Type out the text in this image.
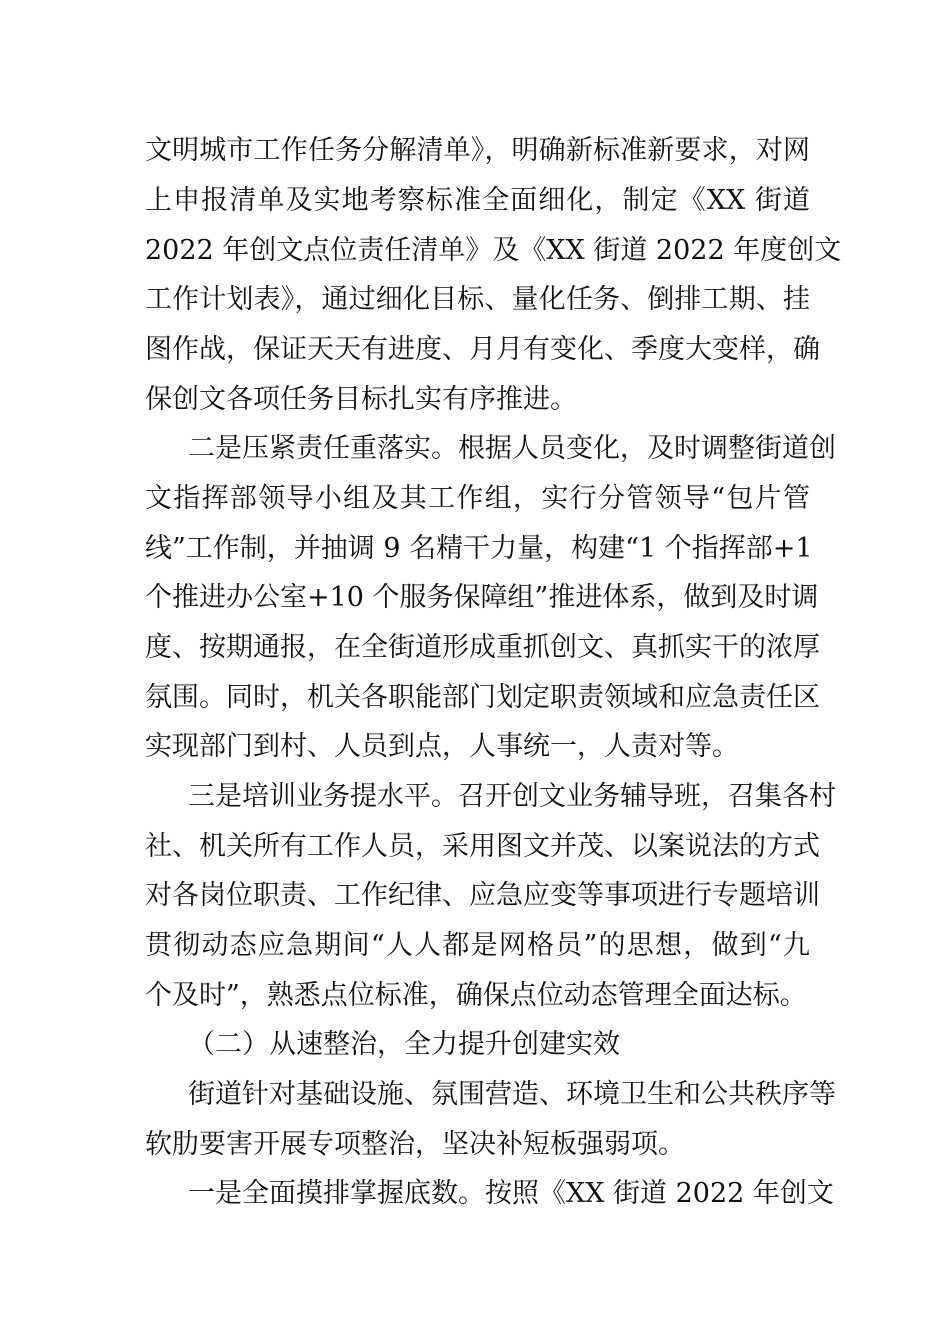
文明城市工作任务分解清单》，明确新标准新要求，对网
上申报清单及实地考察标准全面细化，制定《XX 街道
2022 年创文点位责任清单》及《XX 街道 2022 年度创文
工作计划表》，通过细化目标、量化任务、倒排工期、挂
图作战，保证天天有进度、月月有变化、季度大变样，确
保创文各项任务目标扎实有序推进。
二是压紧责任重落实。根据人员变化，及时调整街道创
文指挥部领导小组及其工作组，实行分管领导“包片管
线”工作制，并抽调 9 名精干力量，构建“1 个指挥部+1
个推进办公室+10 个服务保障组”推进体系，做到及时调
度、按期通报，在全街道形成重抓创文、真抓实干的浓厚
氛围。同时，机关各职能部门划定职责领域和应急责任区
实现部门到村、人员到点，人事统一，人责对等。
三是培训业务提水平。召开创文业务辅导班，召集各村
社、机关所有工作人员，采用图文并茂、以案说法的方式
对各岗位职责、工作纪律、应急应变等事项进行专题培训
贯彻动态应急期间“人人都是网格员”的思想，做到“九
个及时”，熟悉点位标准，确保点位动态管理全面达标。
（二）从速整治，全力提升创建实效
街道针对基础设施、氛围营造、环境卫生和公共秩序等
软肋要害开展专项整治，坚决补短板强弱项。
一是全面摸排掌握底数。按照《XX 街道 2022 年创文
